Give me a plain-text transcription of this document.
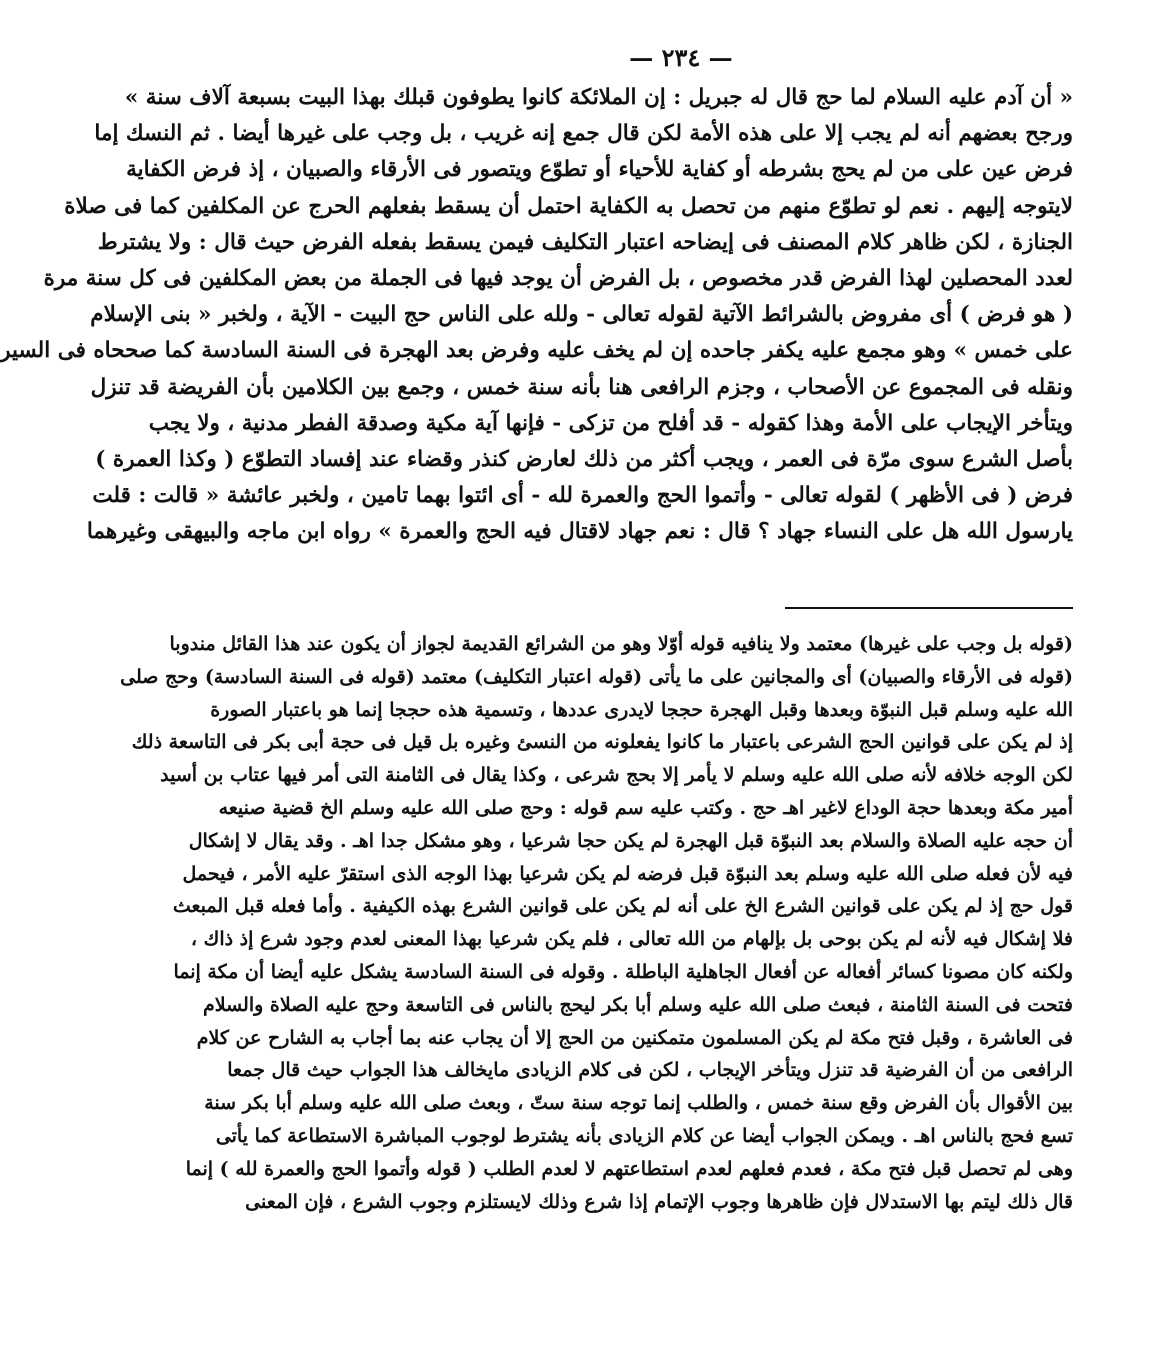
— ٢٣٤ —

« أن آدم عليه السلام لما حج قال له جبريل : إن الملائكة كانوا يطوفون قبلك بهذا البيت بسبعة آلاف سنة »

ورجح بعضهم أنه لم يجب إلا على هذه الأمة لكن قال جمع إنه غريب ، بل وجب على غيرها أيضا . ثم النسك إما

فرض عين على من لم يحج بشرطه أو كفاية للأحياء أو تطوّع ويتصور فى الأرقاء والصبيان ، إذ فرض الكفاية

لايتوجه إليهم . نعم لو تطوّع منهم من تحصل به الكفاية احتمل أن يسقط بفعلهم الحرج عن المكلفين كما فى صلاة

الجنازة ، لكن ظاهر كلام المصنف فى إيضاحه اعتبار التكليف فيمن يسقط بفعله الفرض حيث قال : ولا يشترط

لعدد المحصلين لهذا الفرض قدر مخصوص ، بل الفرض أن يوجد فيها فى الجملة من بعض المكلفين فى كل سنة مرة

( هو فرض ) أى مفروض بالشرائط الآتية لقوله تعالى - ولله على الناس حج البيت - الآية ، ولخبر « بنى الإسلام

على خمس » وهو مجمع عليه يكفر جاحده إن لم يخف عليه وفرض بعد الهجرة فى السنة السادسة كما صححاه فى السير

ونقله فى المجموع عن الأصحاب ، وجزم الرافعى هنا بأنه سنة خمس ، وجمع بين الكلامين بأن الفريضة قد تنزل

ويتأخر الإيجاب على الأمة وهذا كقوله - قد أفلح من تزكى - فإنها آية مكية وصدقة الفطر مدنية ، ولا يجب

بأصل الشرع سوى مرّة فى العمر ، ويجب أكثر من ذلك لعارض كنذر وقضاء عند إفساد التطوّع ( وكذا العمرة )

فرض ( فى الأظهر ) لقوله تعالى - وأتموا الحج والعمرة لله - أى ائتوا بهما تامين ، ولخبر عائشة « قالت : قلت

يارسول الله هل على النساء جهاد ؟ قال : نعم جهاد لاقتال فيه الحج والعمرة » رواه ابن ماجه والبيهقى وغيرهما

(قوله بل وجب على غيرها) معتمد ولا ينافيه قوله أوّلا وهو من الشرائع القديمة لجواز أن يكون عند هذا القائل مندوبا

(قوله فى الأرقاء والصبيان) أى والمجانين على ما يأتى (قوله اعتبار التكليف) معتمد (قوله فى السنة السادسة) وحج صلى

الله عليه وسلم قبل النبوّة وبعدها وقبل الهجرة حججا لايدرى عددها ، وتسمية هذه حججا إنما هو باعتبار الصورة

إذ لم يكن على قوانين الحج الشرعى باعتبار ما كانوا يفعلونه من النسئ وغيره بل قيل فى حجة أبى بكر فى التاسعة ذلك

لكن الوجه خلافه لأنه صلى الله عليه وسلم لا يأمر إلا بحج شرعى ، وكذا يقال فى الثامنة التى أمر فيها عتاب بن أسيد

أمير مكة وبعدها حجة الوداع لاغير اهـ حج . وكتب عليه سم قوله : وحج صلى الله عليه وسلم الخ قضية صنيعه

أن حجه عليه الصلاة والسلام بعد النبوّة قبل الهجرة لم يكن حجا شرعيا ، وهو مشكل جدا اهـ . وقد يقال لا إشكال

فيه لأن فعله صلى الله عليه وسلم بعد النبوّة قبل فرضه لم يكن شرعيا بهذا الوجه الذى استقرّ عليه الأمر ، فيحمل

قول حج إذ لم يكن على قوانين الشرع الخ على أنه لم يكن على قوانين الشرع بهذه الكيفية . وأما فعله قبل المبعث

فلا إشكال فيه لأنه لم يكن بوحى بل بإلهام من الله تعالى ، فلم يكن شرعيا بهذا المعنى لعدم وجود شرع إذ ذاك ،

ولكنه كان مصونا كسائر أفعاله عن أفعال الجاهلية الباطلة . وقوله فى السنة السادسة يشكل عليه أيضا أن مكة إنما

فتحت فى السنة الثامنة ، فبعث صلى الله عليه وسلم أبا بكر ليحج بالناس فى التاسعة وحج عليه الصلاة والسلام

فى العاشرة ، وقبل فتح مكة لم يكن المسلمون متمكنين من الحج إلا أن يجاب عنه بما أجاب به الشارح عن كلام

الرافعى من أن الفرضية قد تنزل ويتأخر الإيجاب ، لكن فى كلام الزيادى مايخالف هذا الجواب حيث قال جمعا

بين الأقوال بأن الفرض وقع سنة خمس ، والطلب إنما توجه سنة ستّ ، وبعث صلى الله عليه وسلم أبا بكر سنة

تسع فحج بالناس اهـ . ويمكن الجواب أيضا عن كلام الزيادى بأنه يشترط لوجوب المباشرة الاستطاعة كما يأتى

وهى لم تحصل قبل فتح مكة ، فعدم فعلهم لعدم استطاعتهم لا لعدم الطلب ( قوله وأتموا الحج والعمرة لله ) إنما

قال ذلك ليتم بها الاستدلال فإن ظاهرها وجوب الإتمام إذا شرع وذلك لايستلزم وجوب الشرع ، فإن المعنى
